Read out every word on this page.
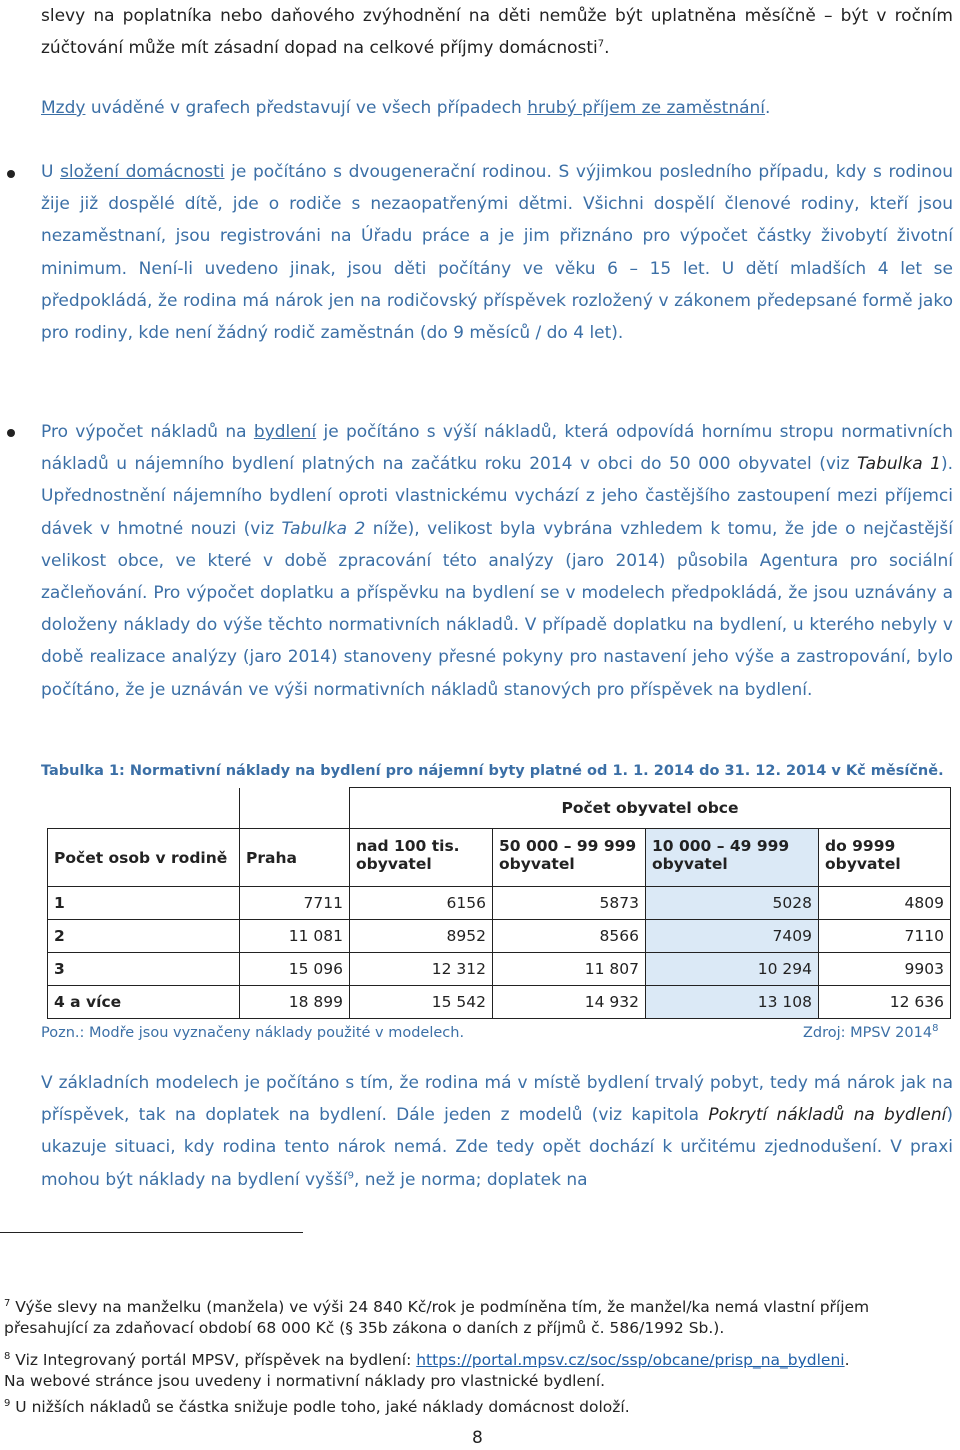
slevy na poplatníka nebo daňového zvýhodnění na děti nemůže být uplatněna měsíčně – být v ročním zúčtování může mít zásadní dopad na celkové příjmy domácnosti$^7$.
Mzdy uváděné v grafech představují ve všech případech hrubý příjem ze zaměstnání.
U složení domácnosti je počítáno s dvougenerační rodinou. S výjimkou posledního případu, kdy s rodinou žije již dospělé dítě, jde o rodiče s nezaopatřenými dětmi. Všichni dospělí členové rodiny, kteří jsou nezaměstnaní, jsou registrováni na Úřadu práce a je jim přiznáno pro výpočet částky živobytí životní minimum. Není-li uvedeno jinak, jsou děti počítány ve věku 6 – 15 let. U dětí mladších 4 let se předpokládá, že rodina má nárok jen na rodičovský příspěvek rozložený v zákonem předepsané formě jako pro rodiny, kde není žádný rodič zaměstnán (do 9 měsíců / do 4 let).
Pro výpočet nákladů na bydlení je počítáno s výší nákladů, která odpovídá hornímu stropu normativních nákladů u nájemního bydlení platných na začátku roku 2014 v obci do 50 000 obyvatel (viz Tabulka 1). Upřednostnění nájemního bydlení oproti vlastnickému vychází z jeho častějšího zastoupení mezi příjemci dávek v hmotné nouzi (viz Tabulka 2 níže), velikost byla vybrána vzhledem k tomu, že jde o nejčastější velikost obce, ve které v době zpracování této analýzy (jaro 2014) působila Agentura pro sociální začleňování. Pro výpočet doplatku a příspěvku na bydlení se v modelech předpokládá, že jsou uznávány a doloženy náklady do výše těchto normativních nákladů. V případě doplatku na bydlení, u kterého nebyly v době realizace analýzy (jaro 2014) stanoveny přesné pokyny pro nastavení jeho výše a zastropování, bylo počítáno, že je uznáván ve výši normativních nákladů stanových pro příspěvek na bydlení.
Tabulka 1: Normativní náklady na bydlení pro nájemní byty platné od 1. 1. 2014 do 31. 12. 2014 v Kč měsíčně.
		Počet obyvatel obce			
Počet osob v rodině	Praha	nad 100 tis. obyvatel	50 000 – 99 999 obyvatel	10 000 – 49 999 obyvatel	do 9999 obyvatel
1	7711	6156	5873	5028	4809
2	11 081	8952	8566	7409	7110
3	15 096	12 312	11 807	10 294	9903
4 a více	18 899	15 542	14 932	13 108	12 636
Pozn.: Modře jsou vyznačeny náklady použité v modelech.	Zdroj: MPSV 2014$^8$
V základních modelech je počítáno s tím, že rodina má v místě bydlení trvalý pobyt, tedy má nárok jak na příspěvek, tak na doplatek na bydlení. Dále jeden z modelů (viz kapitola Pokrytí nákladů na bydlení) ukazuje situaci, kdy rodina tento nárok nemá. Zde tedy opět dochází k určitému zjednodušení. V praxi mohou být náklady na bydlení vyšší$^9$, než je norma; doplatek na
$^7$ Výše slevy na manželku (manžela) ve výši 24 840 Kč/rok je podmíněna tím, že manžel/ka nemá vlastní příjem přesahující za zdaňovací období 68 000 Kč (§ 35b zákona o daních z příjmů č. 586/1992 Sb.).
$^8$ Viz Integrovaný portál MPSV, příspěvek na bydlení: https://portal.mpsv.cz/soc/ssp/obcane/prisp_na_bydleni.
Na webové stránce jsou uvedeny i normativní náklady pro vlastnické bydlení.
$^9$ U nižších nákladů se částka snižuje podle toho, jaké náklady domácnost doloží.
8
